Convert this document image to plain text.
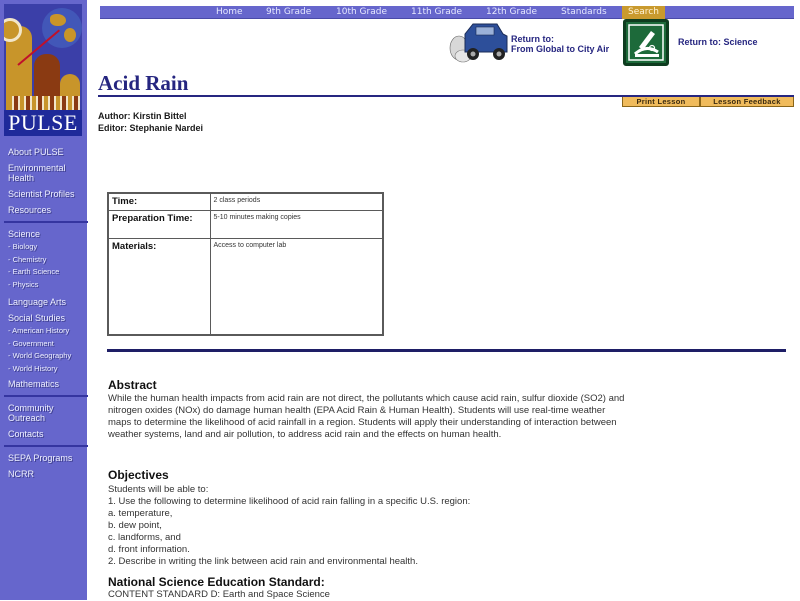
PULSE
About PULSE
Environmental Health
Scientist Profiles
Resources
Science
- Biology
- Chemistry
- Earth Science
- Physics
Language Arts
Social Studies
- American History
- Government
- World Geography
- World History
Mathematics
Community Outreach
Contacts
SEPA Programs
NCRR
Home	9th Grade	10th Grade	11th Grade	12th Grade	Standards	Search
Return to:
From Global to City Air
Return to: Science
Acid Rain
Print Lesson	Lesson Feedback
Author: Kirstin Bittel
Editor: Stephanie Nardei
Time:	2 class periods
Preparation Time:	5-10 minutes making copies
Materials:	Access to computer lab
Abstract
While the human health impacts from acid rain are not direct, the pollutants which cause acid rain, sulfur dioxide (SO2) and nitrogen oxides (NOx) do damage human health (EPA Acid Rain & Human Health). Students will use real-time weather maps to determine the likelihood of acid rainfall in a region. Students will apply their understanding of interaction between weather systems, land and air pollution, to address acid rain and the effects on human health.
Objectives
Students will be able to:
1. Use the following to determine likelihood of acid rain falling in a specific U.S. region:
a. temperature,
b. dew point,
c. landforms, and
d. front information.
2. Describe in writing the link between acid rain and environmental health.
National Science Education Standard:
CONTENT STANDARD D: Earth and Space Science
